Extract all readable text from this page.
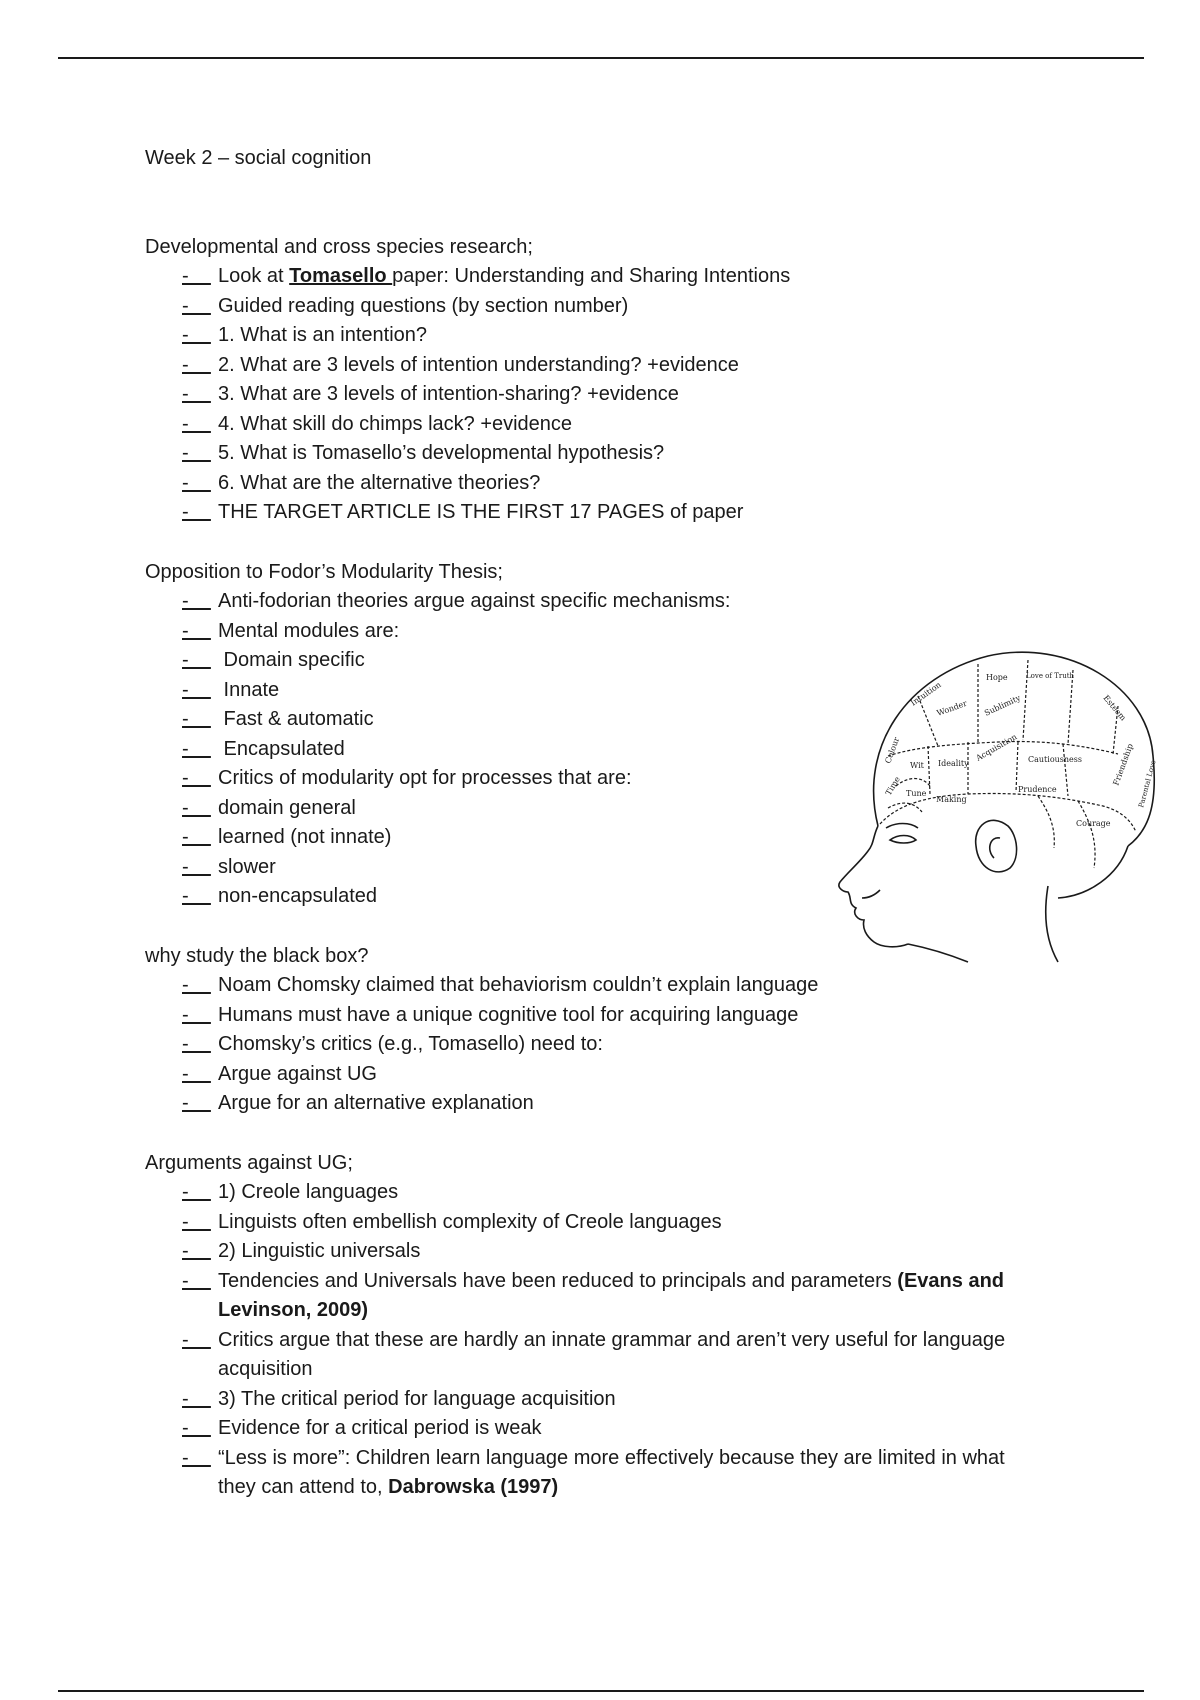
Week 2 – social cognition

Developmental and cross species research;

- Look at Tomasello paper: Understanding and Sharing Intentions
- Guided reading questions (by section number)
- 1. What is an intention?
- 2. What are 3 levels of intention understanding? +evidence
- 3. What are 3 levels of intention-sharing? +evidence
- 4. What skill do chimps lack? +evidence
- 5. What is Tomasello’s developmental hypothesis?
- 6. What are the alternative theories?
- THE TARGET ARTICLE IS THE FIRST 17 PAGES of paper

Opposition to Fodor’s Modularity Thesis;

- Anti-fodorian theories argue against specific mechanisms:
- Mental modules are:
- Domain specific
- Innate
- Fast & automatic
- Encapsulated
- Critics of modularity opt for processes that are:
- domain general
- learned (not innate)
- slower
- non-encapsulated

why study the black box?

- Noam Chomsky claimed that behaviorism couldn’t explain language
- Humans must have a unique cognitive tool for acquiring language
- Chomsky’s critics (e.g., Tomasello) need to:
- Argue against UG
- Argue for an alternative explanation

Arguments against UG;

- 1) Creole languages
- Linguists often embellish complexity of Creole languages
- 2) Linguistic universals
- Tendencies and Universals have been reduced to principals and parameters (Evans and Levinson, 2009)
- Critics argue that these are hardly an innate grammar and aren’t very useful for language acquisition
- 3) The critical period for language acquisition
- Evidence for a critical period is weak
- “Less is more”: Children learn language more effectively because they are limited in what they can attend to, Dabrowska (1997)
Hope	Love of Truth
Intuition
Wonder Sublimity	Esteem
Colour
Wit Ideality
Acquisition Cautiousness
Time Tune
Making
Prudence
Friendship
Courage
Parental Love
